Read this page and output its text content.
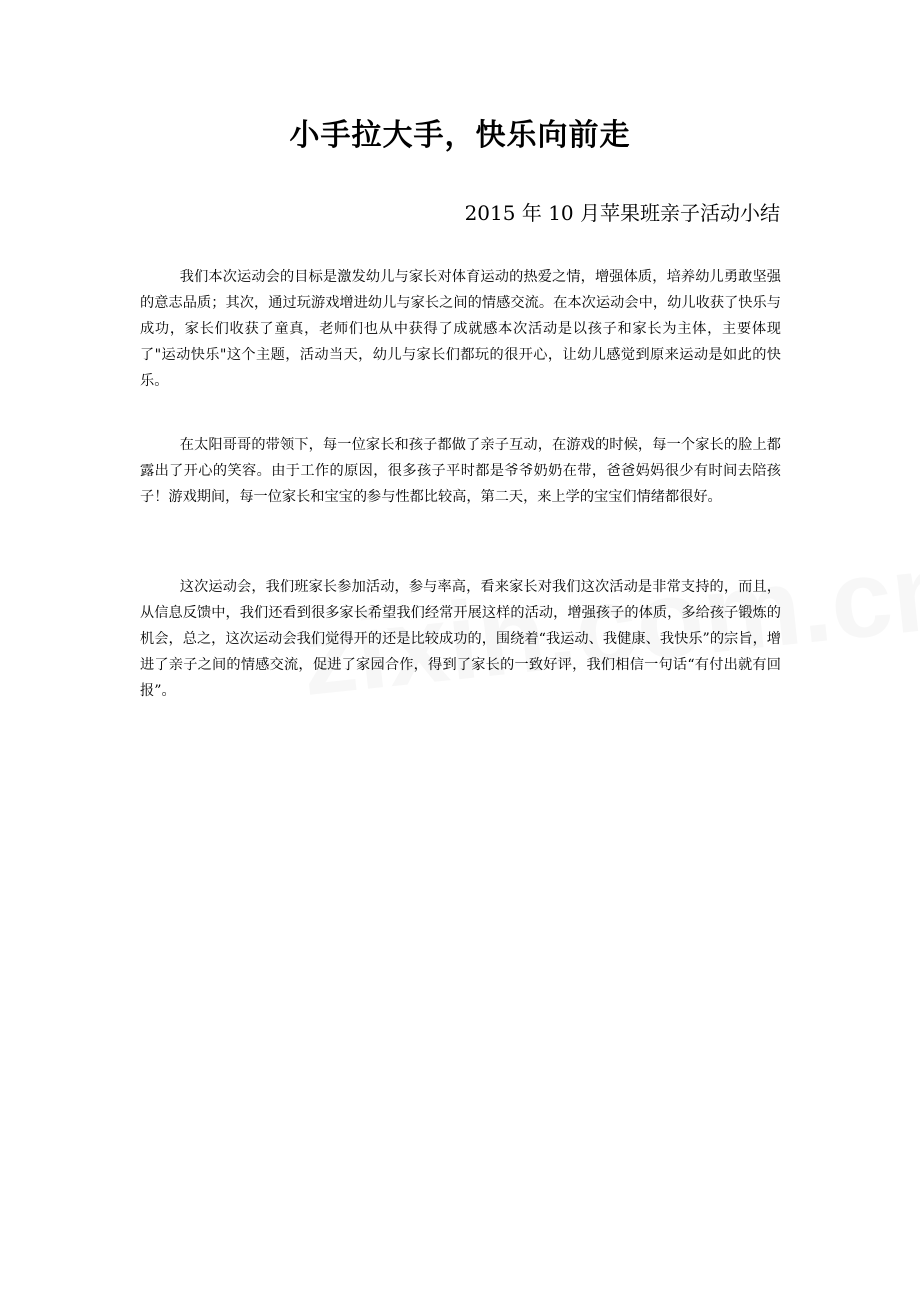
小手拉大手，快乐向前走
2015 年 10 月苹果班亲子活动小结

我们本次运动会的目标是激发幼儿与家长对体育运动的热爱之情，增强体质，培养幼儿勇敢坚强的意志品质；其次，通过玩游戏增进幼儿与家长之间的情感交流。在本次运动会中，幼儿收获了快乐与成功，家长们收获了童真，老师们也从中获得了成就感本次活动是以孩子和家长为主体，主要体现了"运动快乐"这个主题，活动当天，幼儿与家长们都玩的很开心，让幼儿感觉到原来运动是如此的快乐。

在太阳哥哥的带领下，每一位家长和孩子都做了亲子互动，在游戏的时候，每一个家长的脸上都露出了开心的笑容。由于工作的原因，很多孩子平时都是爷爷奶奶在带，爸爸妈妈很少有时间去陪孩子！游戏期间，每一位家长和宝宝的参与性都比较高，第二天，来上学的宝宝们情绪都很好。

这次运动会，我们班家长参加活动，参与率高，看来家长对我们这次活动是非常支持的，而且，从信息反馈中，我们还看到很多家长希望我们经常开展这样的活动，增强孩子的体质，多给孩子锻炼的机会，总之，这次运动会我们觉得开的还是比较成功的，围绕着“我运动、我健康、我快乐”的宗旨，增进了亲子之间的情感交流，促进了家园合作，得到了家长的一致好评，我们相信一句话“有付出就有回报”。
